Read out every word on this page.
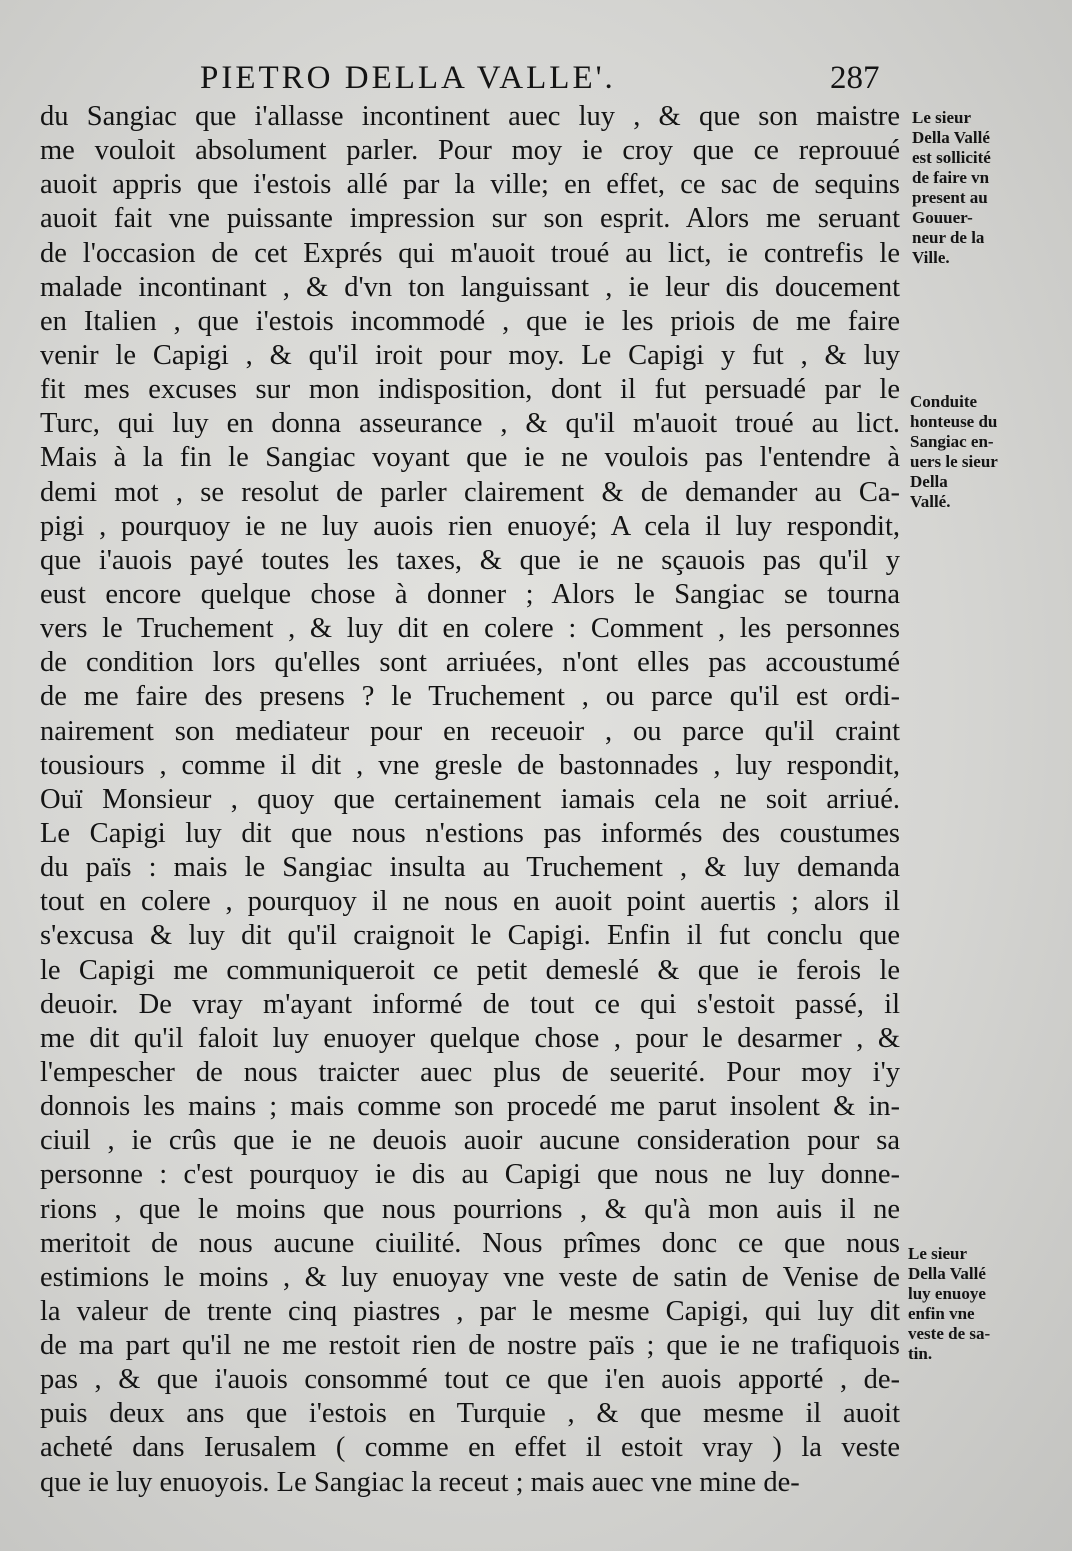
PIETRO DELLA VALLE'.	287
du Sangiac que i'allasse incontinent auec luy , & que son maistre
me vouloit absolument parler. Pour moy ie croy que ce reprouué
auoit appris que i'estois allé par la ville; en effet, ce sac de sequins
auoit fait vne puissante impression sur son esprit. Alors me seruant
de l'occasion de cet Exprés qui m'auoit troué au lict, ie contrefis le
malade incontinant , & d'vn ton languissant , ie leur dis doucement
en Italien , que i'estois incommodé , que ie les priois de me faire
venir le Capigi , & qu'il iroit pour moy. Le Capigi y fut , & luy
fit mes excuses sur mon indisposition, dont il fut persuadé par le
Turc, qui luy en donna asseurance , & qu'il m'auoit troué au lict.
Mais à la fin le Sangiac voyant que ie ne voulois pas l'entendre à
demi mot , se resolut de parler clairement & de demander au Ca-
pigi , pourquoy ie ne luy auois rien enuoyé; A cela il luy respondit,
que i'auois payé toutes les taxes, & que ie ne sçauois pas qu'il y
eust encore quelque chose à donner ; Alors le Sangiac se tourna
vers le Truchement , & luy dit en colere : Comment , les personnes
de condition lors qu'elles sont arriuées, n'ont elles pas accoustumé
de me faire des presens ? le Truchement , ou parce qu'il est ordi-
nairement son mediateur pour en receuoir , ou parce qu'il craint
tousiours , comme il dit , vne gresle de bastonnades , luy respondit,
Ouï Monsieur , quoy que certainement iamais cela ne soit arriué.
Le Capigi luy dit que nous n'estions pas informés des coustumes
du païs : mais le Sangiac insulta au Truchement , & luy demanda
tout en colere , pourquoy il ne nous en auoit point auertis ; alors il
s'excusa & luy dit qu'il craignoit le Capigi. Enfin il fut conclu que
le Capigi me communiqueroit ce petit demeslé & que ie ferois le
deuoir. De vray m'ayant informé de tout ce qui s'estoit passé, il
me dit qu'il faloit luy enuoyer quelque chose , pour le desarmer , &
l'empescher de nous traicter auec plus de seuerité. Pour moy i'y
donnois les mains ; mais comme son procedé me parut insolent & in-
ciuil , ie crûs que ie ne deuois auoir aucune consideration pour sa
personne : c'est pourquoy ie dis au Capigi que nous ne luy donne-
rions , que le moins que nous pourrions , & qu'à mon auis il ne
meritoit de nous aucune ciuilité. Nous prîmes donc ce que nous
estimions le moins , & luy enuoyay vne veste de satin de Venise de
la valeur de trente cinq piastres , par le mesme Capigi, qui luy dit
de ma part qu'il ne me restoit rien de nostre païs ; que ie ne trafiquois
pas , & que i'auois consommé tout ce que i'en auois apporté , de-
puis deux ans que i'estois en Turquie , & que mesme il auoit
acheté dans Ierusalem ( comme en effet il estoit vray ) la veste
que ie luy enuoyois. Le Sangiac la receut ; mais auec vne mine de-
Le sieur
Della Vallé
est sollicité
de faire vn
present au
Gouuer-
neur de la
Ville.
Conduite
honteuse du
Sangiac en-
uers le sieur
Della
Vallé.
Le sieur
Della Vallé
luy enuoye
enfin vne
veste de sa-
tin.
